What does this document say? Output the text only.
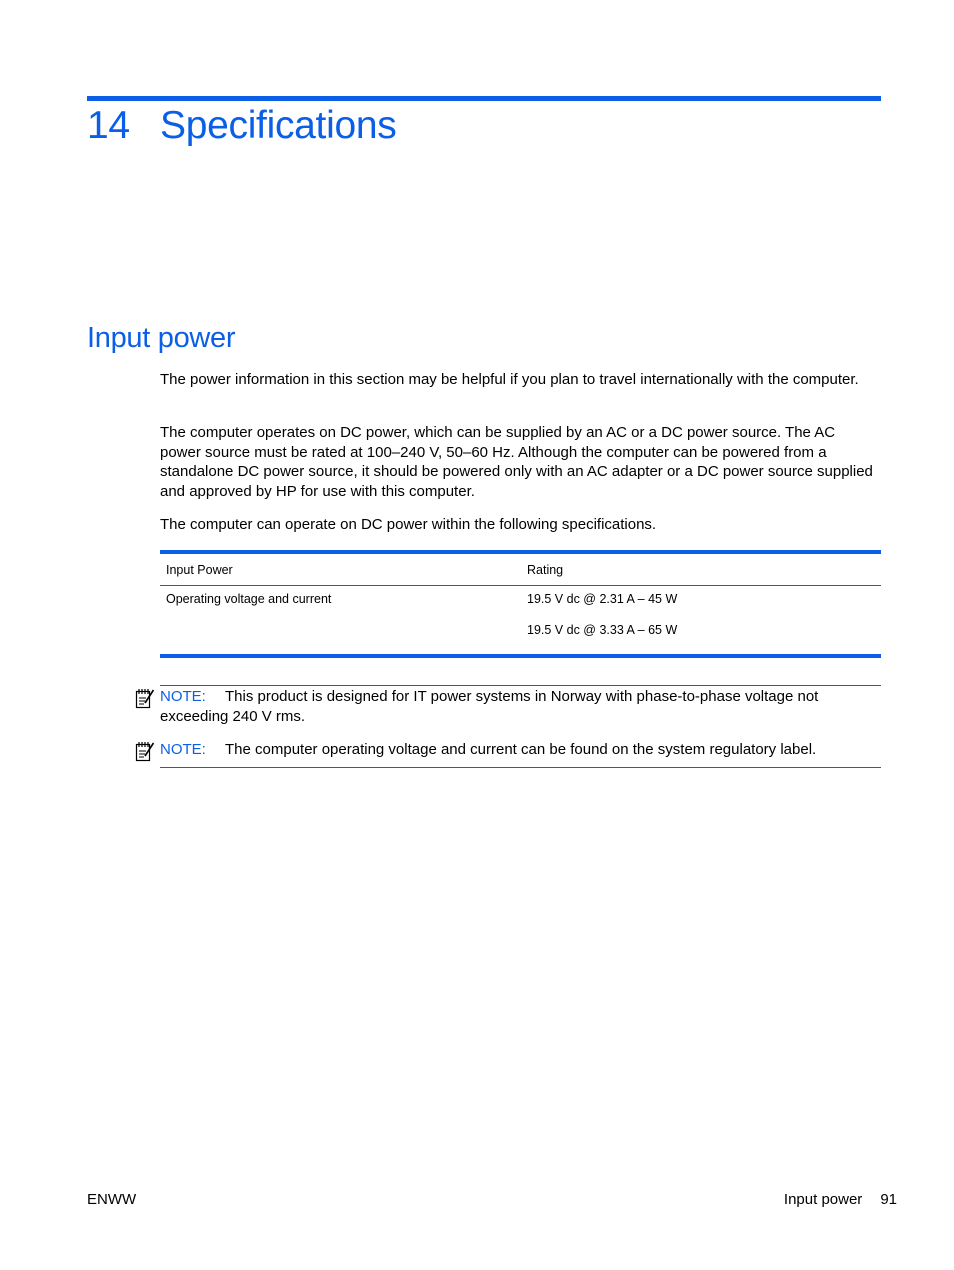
14 Specifications
Input power

The power information in this section may be helpful if you plan to travel internationally with the computer.

The computer operates on DC power, which can be supplied by an AC or a DC power source. The AC power source must be rated at 100–240 V, 50–60 Hz. Although the computer can be powered from a standalone DC power source, it should be powered only with an AC adapter or a DC power source supplied and approved by HP for use with this computer.

The computer can operate on DC power within the following specifications.

Input Power	Rating
Operating voltage and current	19.5 V dc @ 2.31 A – 45 W
19.5 V dc @ 3.33 A – 65 W
NOTE: This product is designed for IT power systems in Norway with phase-to-phase voltage not exceeding 240 V rms.
NOTE: The computer operating voltage and current can be found on the system regulatory label.
ENWW	Input power 91
